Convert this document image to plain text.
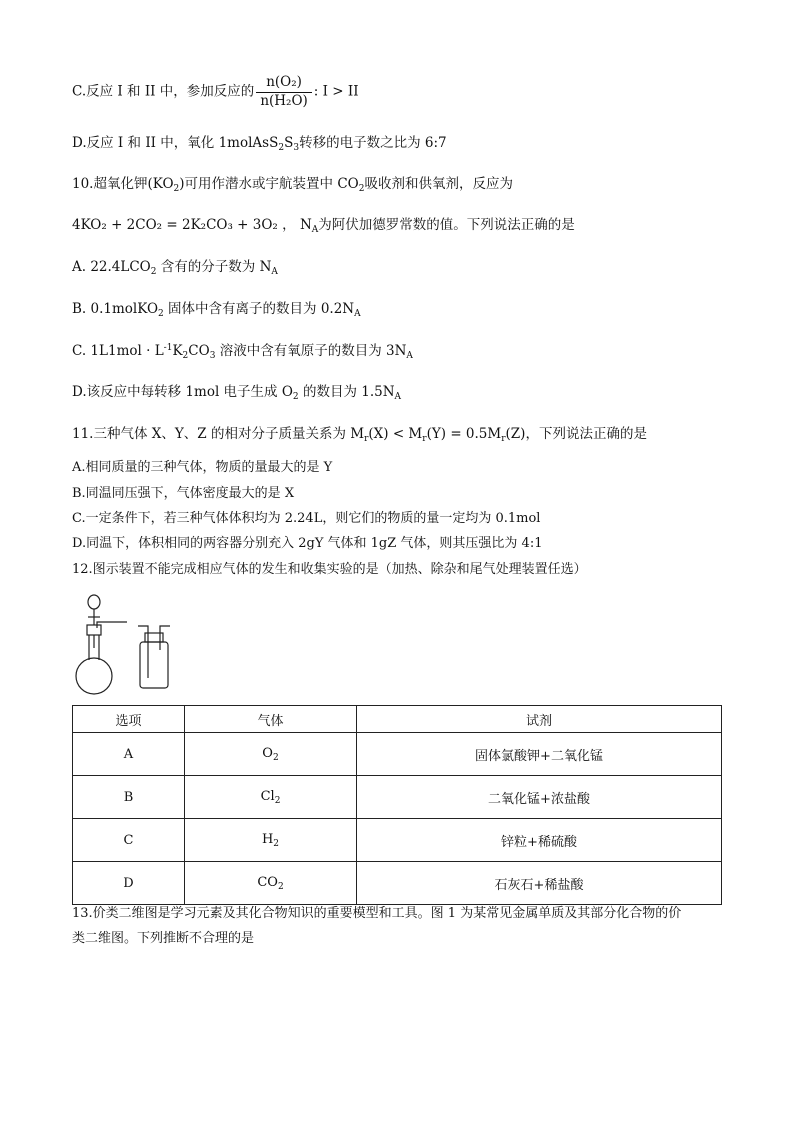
C.反应 I 和 II 中，参加反应的 $\frac{\text{n(O₂)}}{\text{n(H₂O)}}$ : I > II
D.反应 I 和 II 中，氧化 $1molAsS_2S_3$转移的电子数之比为 6:7
10.超氧化钾$(KO_2)$可用作潜水或宇航装置中 $CO_2$吸收剂和供氧剂，反应为
4KO₂ + 2CO₂ = 2K₂CO₃ + 3O₂ ， $N_A$为阿伏加德罗常数的值。下列说法正确的是
A. $22.4LCO_2$ 含有的分子数为 $N_A$
B. 0.1molKO$_2$ 固体中含有离子的数目为 $0.2N_A$
C. $1L1mol \cdot L^{-1}K_2CO_3$ 溶液中含有氧原子的数目为 $3N_A$
D.该反应中每转移 1mol 电子生成 $O_2$ 的数目为 $1.5N_A$
11.三种气体 X、Y、Z 的相对分子质量关系为 $M_r(X) < M_r(Y) = 0.5M_r(Z)$，下列说法正确的是
A.相同质量的三种气体，物质的量最大的是 Y
B.同温同压强下，气体密度最大的是 X
C.一定条件下，若三种气体体积均为 2.24L，则它们的物质的量一定均为 0.1mol
D.同温下，体积相同的两容器分别充入 2gY 气体和 1gZ 气体，则其压强比为 4:1
12.图示装置不能完成相应气体的发生和收集实验的是（加热、除杂和尾气处理装置任选）
选项	气体	试剂
A	$O_2$	固体氯酸钾+二氧化锰
B	$Cl_2$	二氧化锰+浓盐酸
C	$H_2$	锌粒+稀硫酸
D	$CO_2$	石灰石+稀盐酸
13.价类二维图是学习元素及其化合物知识的重要模型和工具。图 1 为某常见金属单质及其部分化合物的价
类二维图。下列推断不合理的是
